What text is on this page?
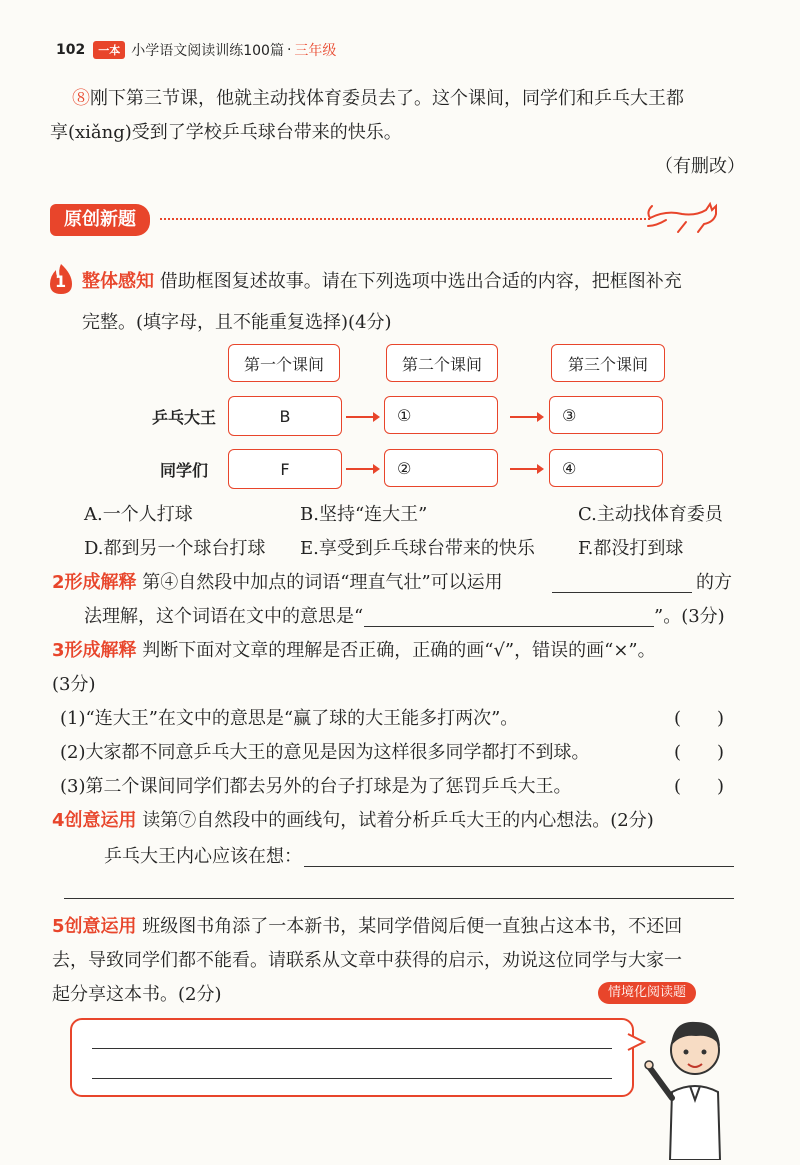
102	一本 小学语文阅读训练100篇 · 三年级
⑧刚下第三节课，他就主动找体育委员去了。这个课间，同学们和乒乓大王都
享(xiǎng)受到了学校乒乓球台带来的快乐。
（有删改）
原创新题
1 整体感知 借助框图复述故事。请在下列选项中选出合适的内容，把框图补充
完整。(填字母，且不能重复选择)(4分)
第一个课间	第二个课间	第三个课间
乒乓大王	B	①	③
同学们	F	②	④
A.一个人打球	B.坚持“连大王”	C.主动找体育委员
D.都到另一个球台打球 E.享受到乒乓球台带来的快乐 F.都没打到球
2形成解释 第④自然段中加点的词语“理直气壮”可以运用	的方
法理解，这个词语在文中的意思是“	”。(3分)
3形成解释 判断下面对文章的理解是否正确，正确的画“√”，错误的画“×”。
(3分)
(1)“连大王”在文中的意思是“赢了球的大王能多打两次”。	(　　)
(2)大家都不同意乒乓大王的意见是因为这样很多同学都打不到球。	(　　)
(3)第二个课间同学们都去另外的台子打球是为了惩罚乒乓大王。	(　　)
4创意运用 读第⑦自然段中的画线句，试着分析乒乓大王的内心想法。(2分)
乒乓大王内心应该在想：
5创意运用 班级图书角添了一本新书，某同学借阅后便一直独占这本书，不还回
去，导致同学们都不能看。请联系从文章中获得的启示，劝说这位同学与大家一
起分享这本书。(2分)	情境化阅读题
